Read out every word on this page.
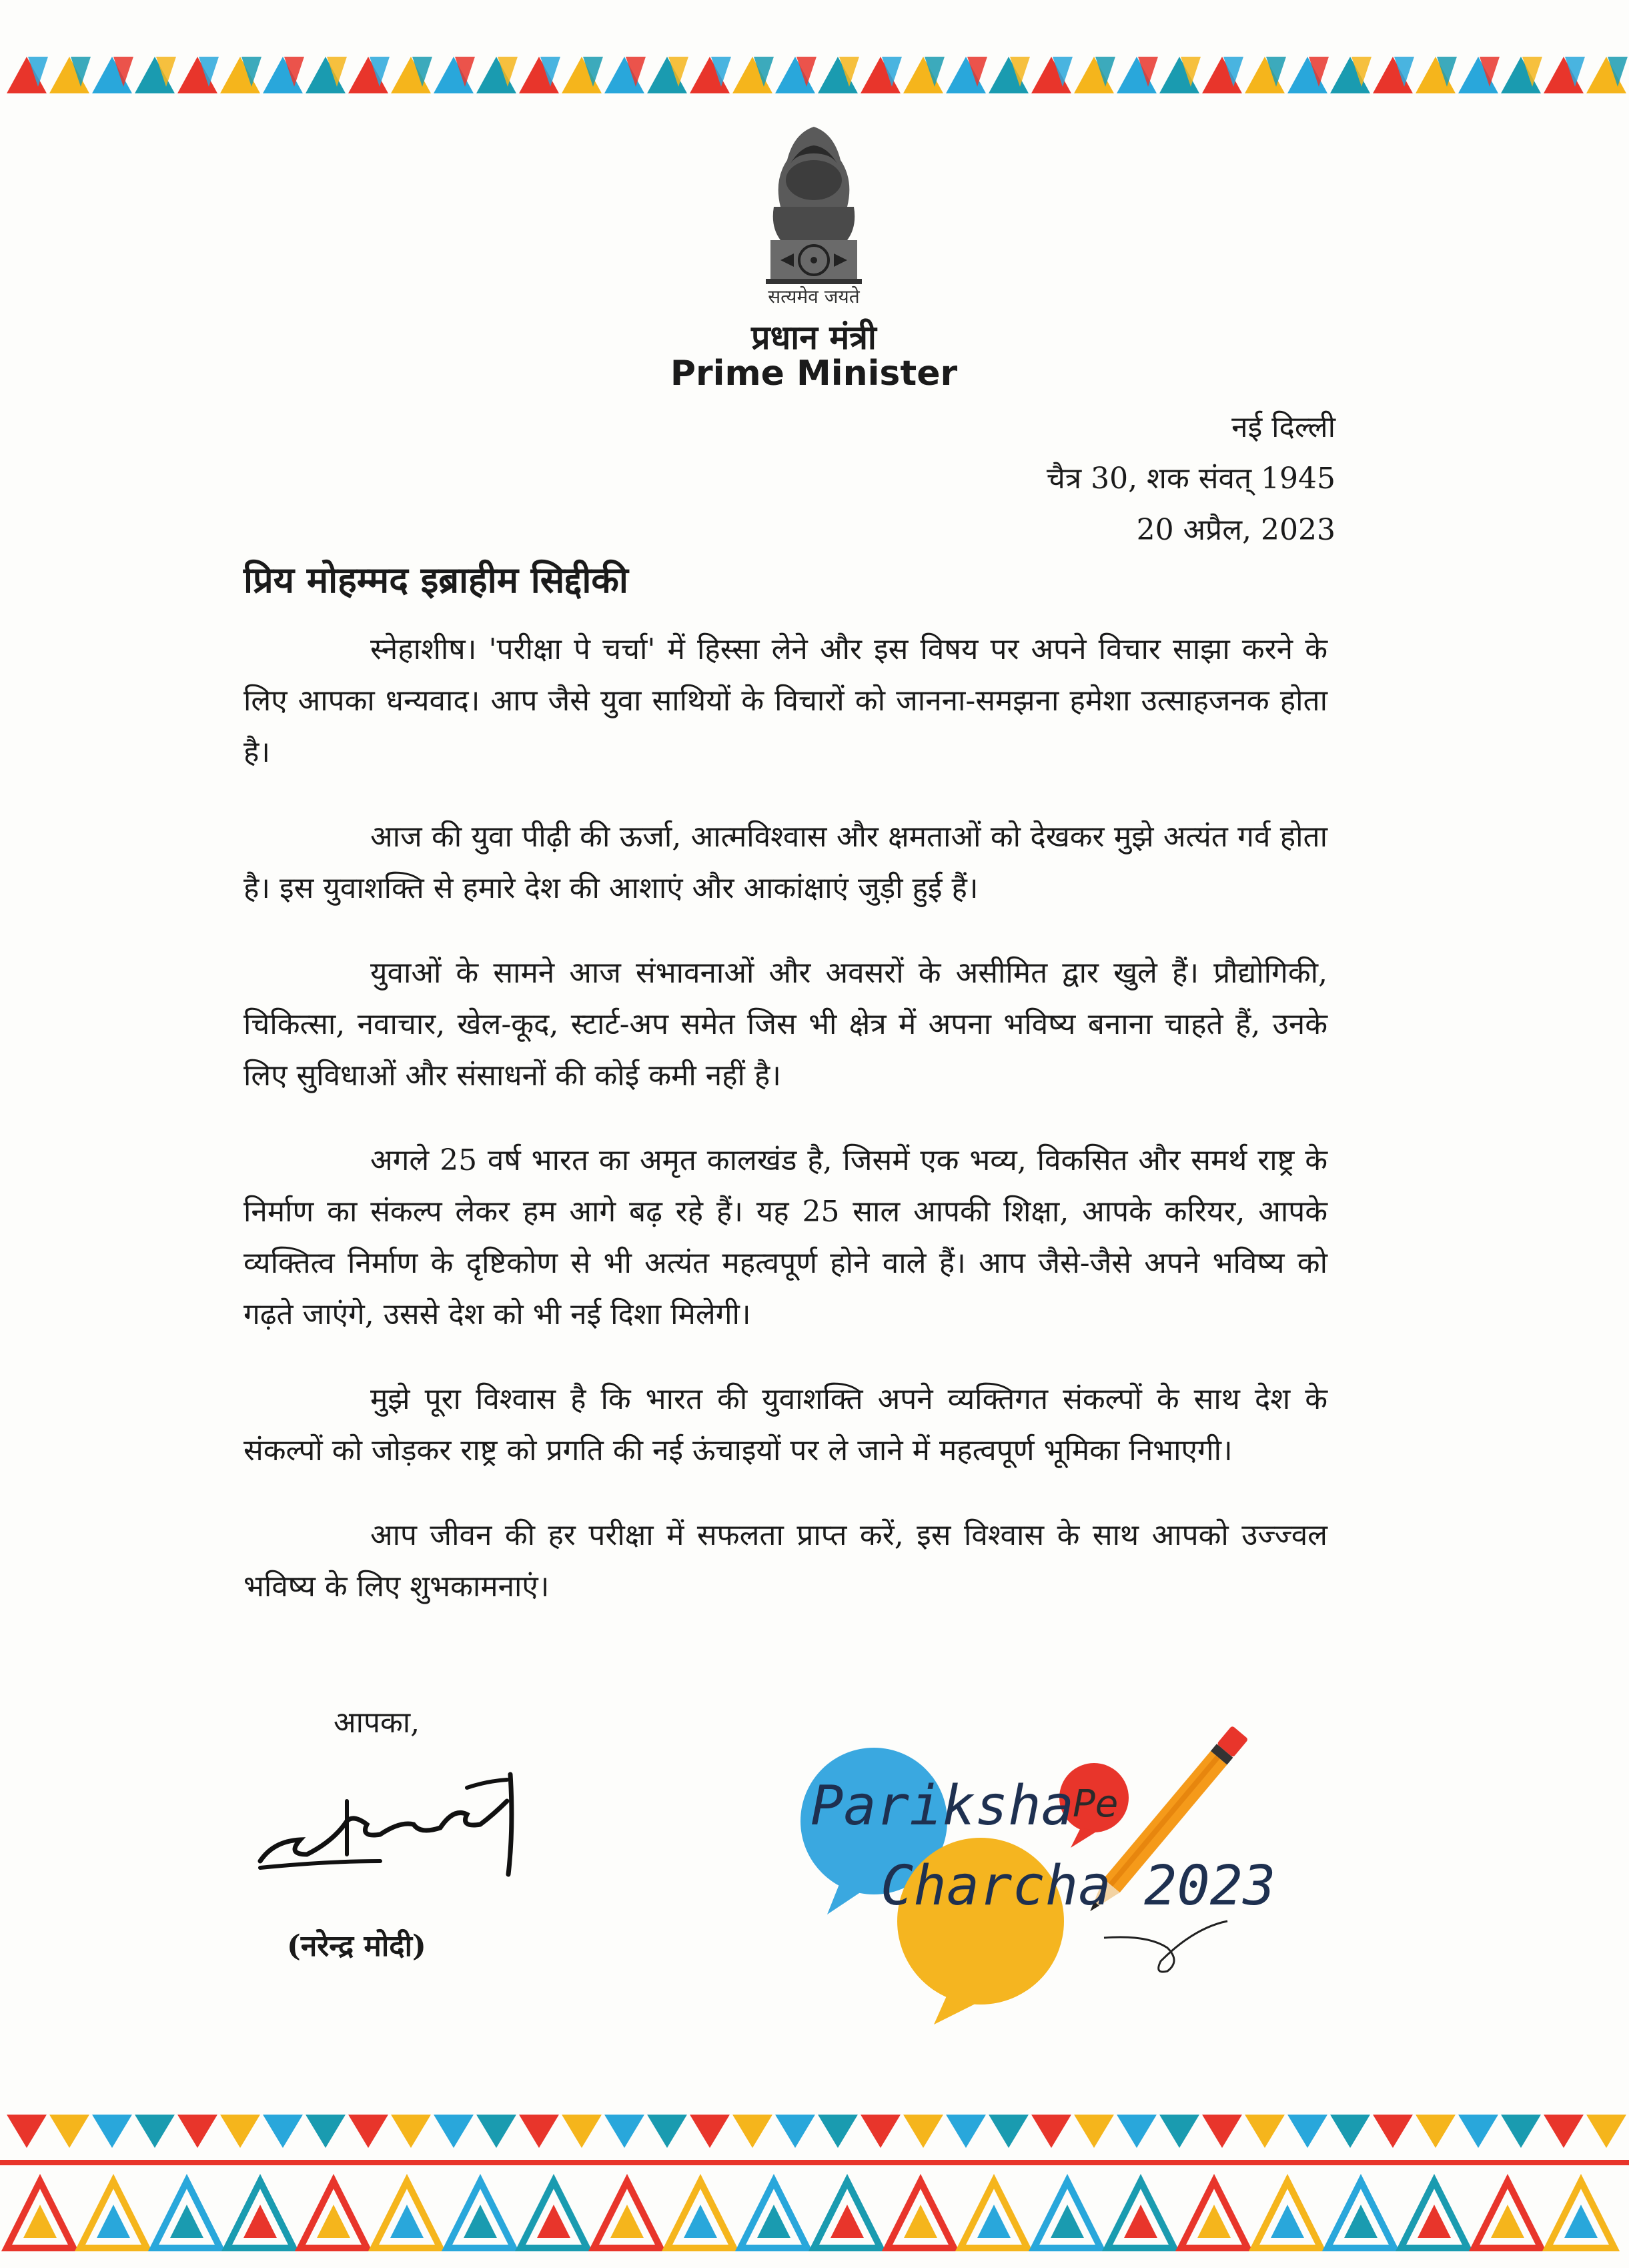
सत्यमेव जयते
प्रधान मंत्री
Prime Minister
नई दिल्ली
चैत्र 30, शक संवत् 1945
20 अप्रैल, 2023
प्रिय मोहम्मद इब्राहीम सिद्दीकी

स्नेहाशीष। 'परीक्षा पे चर्चा' में हिस्सा लेने और इस विषय पर अपने विचार साझा करने के लिए आपका धन्यवाद। आप जैसे युवा साथियों के विचारों को जानना-समझना हमेशा उत्साहजनक होता है।

आज की युवा पीढ़ी की ऊर्जा, आत्मविश्वास और क्षमताओं को देखकर मुझे अत्यंत गर्व होता है। इस युवाशक्ति से हमारे देश की आशाएं और आकांक्षाएं जुड़ी हुई हैं।

युवाओं के सामने आज संभावनाओं और अवसरों के असीमित द्वार खुले हैं। प्रौद्योगिकी, चिकित्सा, नवाचार, खेल-कूद, स्टार्ट-अप समेत जिस भी क्षेत्र में अपना भविष्य बनाना चाहते हैं, उनके लिए सुविधाओं और संसाधनों की कोई कमी नहीं है।

अगले 25 वर्ष भारत का अमृत कालखंड है, जिसमें एक भव्य, विकसित और समर्थ राष्ट्र के निर्माण का संकल्प लेकर हम आगे बढ़ रहे हैं। यह 25 साल आपकी शिक्षा, आपके करियर, आपके व्यक्तित्व निर्माण के दृष्टिकोण से भी अत्यंत महत्वपूर्ण होने वाले हैं। आप जैसे-जैसे अपने भविष्य को गढ़ते जाएंगे, उससे देश को भी नई दिशा मिलेगी।

मुझे पूरा विश्वास है कि भारत की युवाशक्ति अपने व्यक्तिगत संकल्पों के साथ देश के संकल्पों को जोड़कर राष्ट्र को प्रगति की नई ऊंचाइयों पर ले जाने में महत्वपूर्ण भूमिका निभाएगी।

आप जीवन की हर परीक्षा में सफलता प्राप्त करें, इस विश्वास के साथ आपको उज्ज्वल भविष्य के लिए शुभकामनाएं।

आपका,
(नरेन्द्र मोदी)
Pariksha
Pe
Charcha 2023
